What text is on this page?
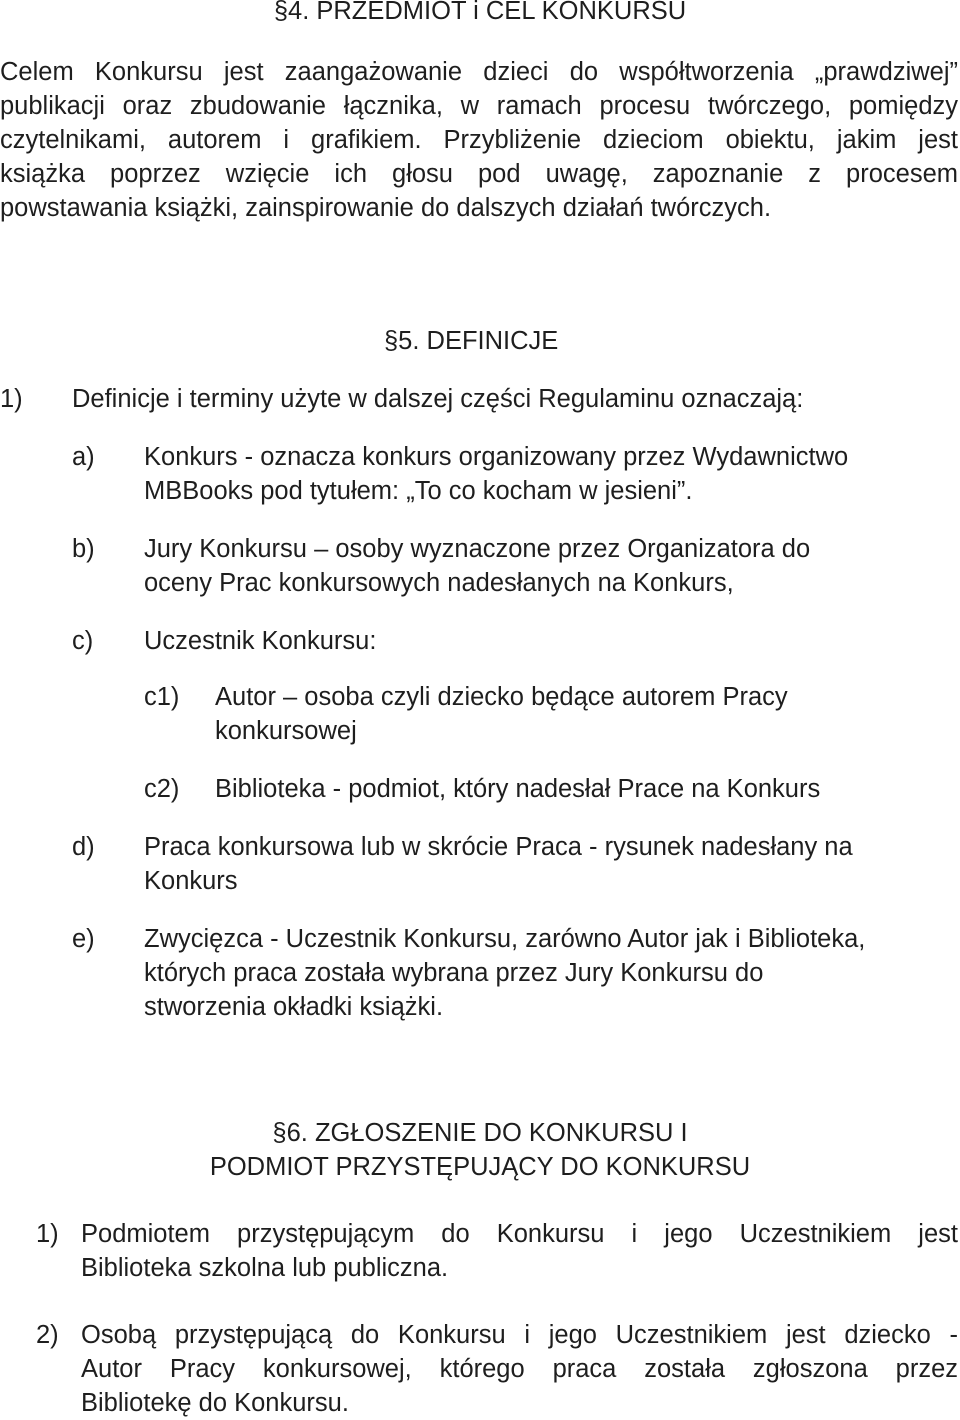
§4. PRZEDMIOT i CEL KONKURSU
Celem Konkursu jest zaangażowanie dzieci do współtworzenia „prawdziwej”
publikacji oraz zbudowanie łącznika, w ramach procesu twórczego, pomiędzy
czytelnikami, autorem i grafikiem. Przybliżenie dzieciom obiektu, jakim jest
książka poprzez wzięcie ich głosu pod uwagę, zapoznanie z procesem
powstawania książki, zainspirowanie do dalszych działań twórczych.
§5. DEFINICJE
1) Definicje i terminy użyte w dalszej części Regulaminu oznaczają:
a) Konkurs - oznacza konkurs organizowany przez Wydawnictwo
MBBooks pod tytułem: „To co kocham w jesieni”.
b) Jury Konkursu – osoby wyznaczone przez Organizatora do
oceny Prac konkursowych nadesłanych na Konkurs,
c) Uczestnik Konkursu:
c1) Autor – osoba czyli dziecko będące autorem Pracy
konkursowej
c2) Biblioteka - podmiot, który nadesłał Prace na Konkurs
d) Praca konkursowa lub w skrócie Praca - rysunek nadesłany na
Konkurs
e) Zwycięzca - Uczestnik Konkursu, zarówno Autor jak i Biblioteka,
których praca została wybrana przez Jury Konkursu do
stworzenia okładki książki.
§6. ZGŁOSZENIE DO KONKURSU I
PODMIOT PRZYSTĘPUJĄCY DO KONKURSU
1) Podmiotem przystępującym do Konkursu i jego Uczestnikiem jest
Biblioteka szkolna lub publiczna.
2) Osobą przystępującą do Konkursu i jego Uczestnikiem jest dziecko -
Autor Pracy konkursowej, którego praca została zgłoszona przez
Bibliotekę do Konkursu.
